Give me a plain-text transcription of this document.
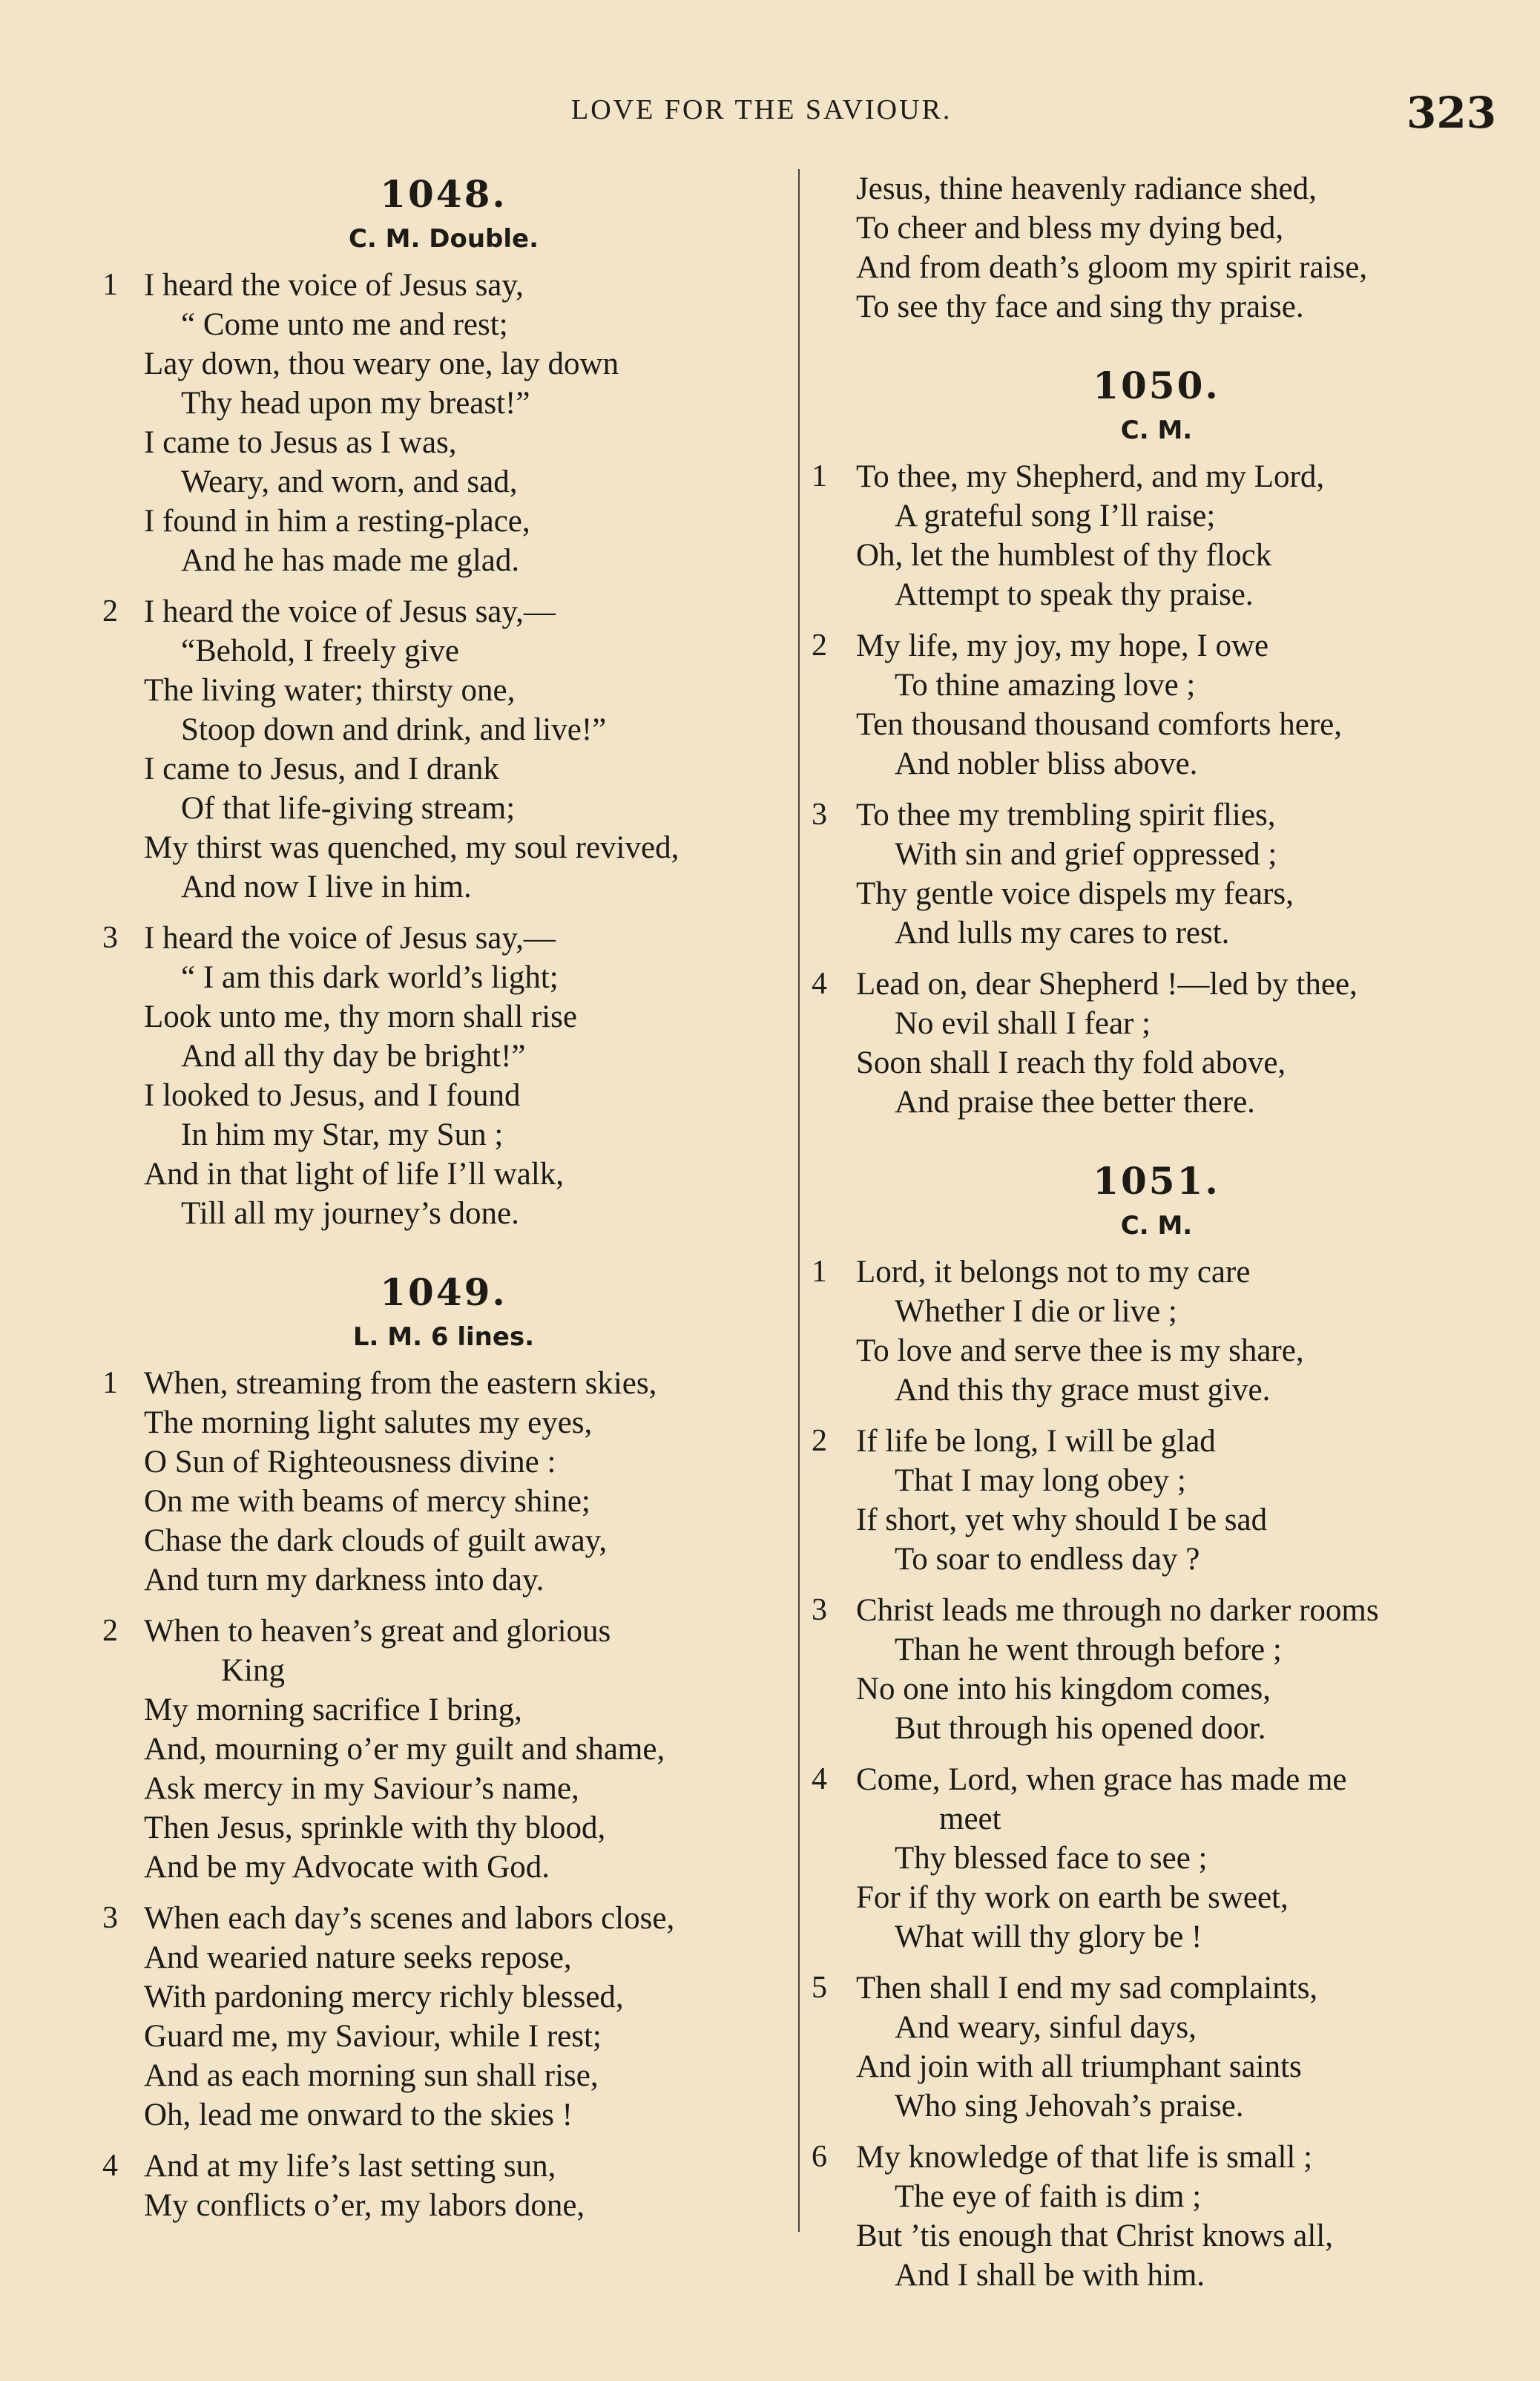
LOVE FOR THE SAVIOUR.	323
1048.
C. M. Double.
1 I heard the voice of Jesus say,
“ Come unto me and rest;
Lay down, thou weary one, lay down
Thy head upon my breast!”
I came to Jesus as I was,
Weary, and worn, and sad,
I found in him a resting-place,
And he has made me glad.
2 I heard the voice of Jesus say,—
“Behold, I freely give
The living water; thirsty one,
Stoop down and drink, and live!”
I came to Jesus, and I drank
Of that life-giving stream;
My thirst was quenched, my soul revived,
And now I live in him.
3 I heard the voice of Jesus say,—
“ I am this dark world’s light;
Look unto me, thy morn shall rise
And all thy day be bright!”
I looked to Jesus, and I found
In him my Star, my Sun ;
And in that light of life I’ll walk,
Till all my journey’s done.
1049.
L. M. 6 lines.
1 When, streaming from the eastern skies,
The morning light salutes my eyes,
O Sun of Righteousness divine :
On me with beams of mercy shine;
Chase the dark clouds of guilt away,
And turn my darkness into day.
2 When to heaven’s great and glorious
King
My morning sacrifice I bring,
And, mourning o’er my guilt and shame,
Ask mercy in my Saviour’s name,
Then Jesus, sprinkle with thy blood,
And be my Advocate with God.
3 When each day’s scenes and labors close,
And wearied nature seeks repose,
With pardoning mercy richly blessed,
Guard me, my Saviour, while I rest;
And as each morning sun shall rise,
Oh, lead me onward to the skies !
4 And at my life’s last setting sun,
My conflicts o’er, my labors done,
Jesus, thine heavenly radiance shed,
To cheer and bless my dying bed,
And from death’s gloom my spirit raise,
To see thy face and sing thy praise.
1050.
C. M.
1 To thee, my Shepherd, and my Lord,
A grateful song I’ll raise;
Oh, let the humblest of thy flock
Attempt to speak thy praise.
2 My life, my joy, my hope, I owe
To thine amazing love ;
Ten thousand thousand comforts here,
And nobler bliss above.
3 To thee my trembling spirit flies,
With sin and grief oppressed ;
Thy gentle voice dispels my fears,
And lulls my cares to rest.
4 Lead on, dear Shepherd !—led by thee,
No evil shall I fear ;
Soon shall I reach thy fold above,
And praise thee better there.
1051.
C. M.
1 Lord, it belongs not to my care
Whether I die or live ;
To love and serve thee is my share,
And this thy grace must give.
2 If life be long, I will be glad
That I may long obey ;
If short, yet why should I be sad
To soar to endless day ?
3 Christ leads me through no darker rooms
Than he went through before ;
No one into his kingdom comes,
But through his opened door.
4 Come, Lord, when grace has made me
meet
Thy blessed face to see ;
For if thy work on earth be sweet,
What will thy glory be !
5 Then shall I end my sad complaints,
And weary, sinful days,
And join with all triumphant saints
Who sing Jehovah’s praise.
6 My knowledge of that life is small ;
The eye of faith is dim ;
But ’tis enough that Christ knows all,
And I shall be with him.
